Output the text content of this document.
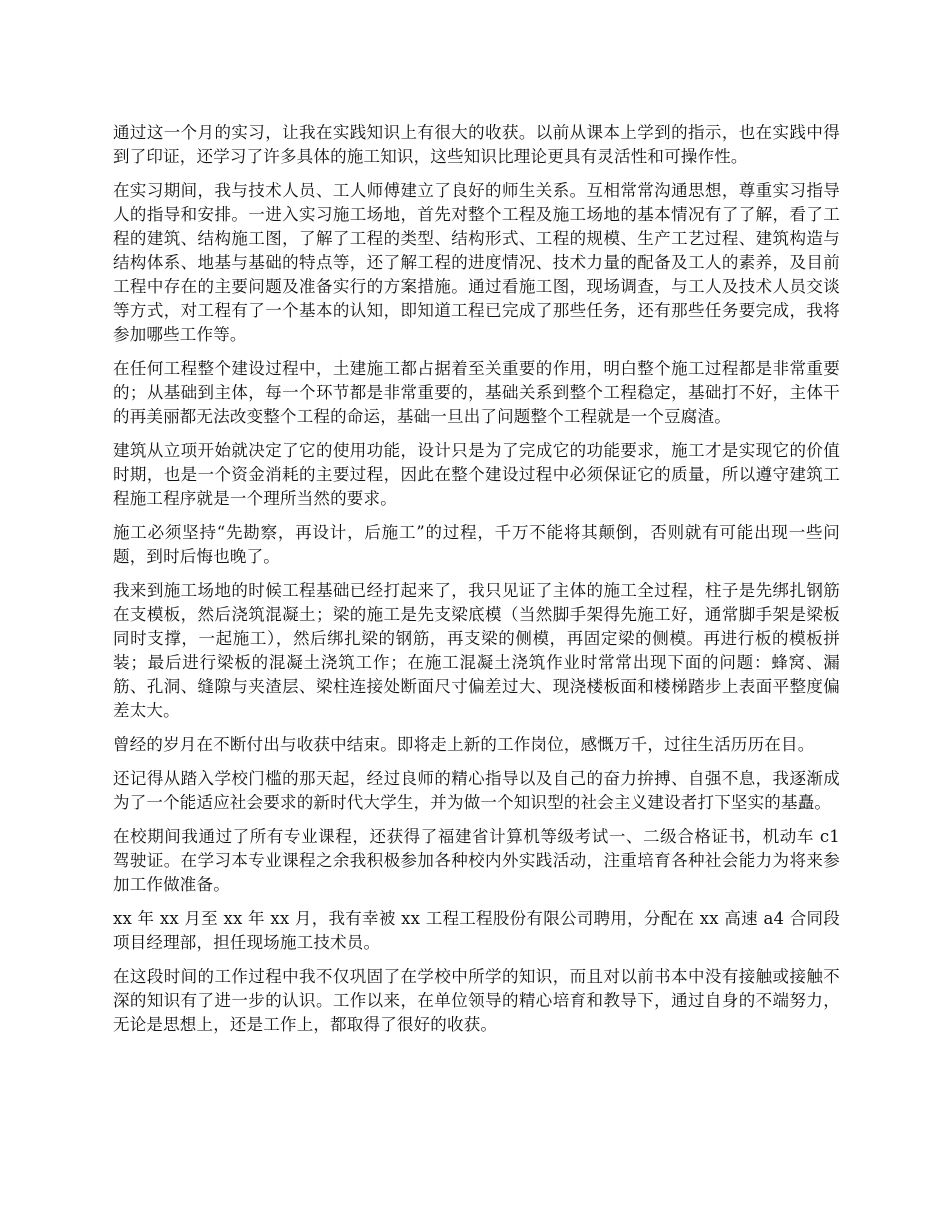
通过这一个月的实习，让我在实践知识上有很大的收获。以前从课本上学到的指示，也在实践中得到了印证，还学习了许多具体的施工知识，这些知识比理论更具有灵活性和可操作性。

在实习期间，我与技术人员、工人师傅建立了良好的师生关系。互相常常沟通思想，尊重实习指导人的指导和安排。一进入实习施工场地，首先对整个工程及施工场地的基本情况有了了解，看了工程的建筑、结构施工图，了解了工程的类型、结构形式、工程的规模、生产工艺过程、建筑构造与结构体系、地基与基础的特点等，还了解工程的进度情况、技术力量的配备及工人的素养，及目前工程中存在的主要问题及准备实行的方案措施。通过看施工图，现场调查，与工人及技术人员交谈等方式，对工程有了一个基本的认知，即知道工程已完成了那些任务，还有那些任务要完成，我将参加哪些工作等。

在任何工程整个建设过程中，土建施工都占据着至关重要的作用，明白整个施工过程都是非常重要的；从基础到主体，每一个环节都是非常重要的，基础关系到整个工程稳定，基础打不好，主体干的再美丽都无法改变整个工程的命运，基础一旦出了问题整个工程就是一个豆腐渣。

建筑从立项开始就决定了它的使用功能，设计只是为了完成它的功能要求，施工才是实现它的价值时期，也是一个资金消耗的主要过程，因此在整个建设过程中必须保证它的质量，所以遵守建筑工程施工程序就是一个理所当然的要求。

施工必须坚持“先勘察，再设计，后施工”的过程，千万不能将其颠倒，否则就有可能出现一些问题，到时后悔也晚了。

我来到施工场地的时候工程基础已经打起来了，我只见证了主体的施工全过程，柱子是先绑扎钢筋在支模板，然后浇筑混凝土；梁的施工是先支梁底模（当然脚手架得先施工好，通常脚手架是梁板同时支撑，一起施工），然后绑扎梁的钢筋，再支梁的侧模，再固定梁的侧模。再进行板的模板拼装；最后进行梁板的混凝土浇筑工作；在施工混凝土浇筑作业时常常出现下面的问题：蜂窝、漏筋、孔洞、缝隙与夹渣层、梁柱连接处断面尺寸偏差过大、现浇楼板面和楼梯踏步上表面平整度偏差太大。

曾经的岁月在不断付出与收获中结束。即将走上新的工作岗位，感慨万千，过往生活历历在目。

还记得从踏入学校门槛的那天起，经过良师的精心指导以及自己的奋力拚搏、自强不息，我逐渐成为了一个能适应社会要求的新时代大学生，并为做一个知识型的社会主义建设者打下坚实的基矗。

在校期间我通过了所有专业课程，还获得了福建省计算机等级考试一、二级合格证书，机动车 c1 驾驶证。在学习本专业课程之余我积极参加各种校内外实践活动，注重培育各种社会能力为将来参加工作做准备。

xx 年 xx 月至 xx 年 xx 月，我有幸被 xx 工程工程股份有限公司聘用，分配在 xx 高速 a4 合同段项目经理部，担任现场施工技术员。

在这段时间的工作过程中我不仅巩固了在学校中所学的知识，而且对以前书本中没有接触或接触不深的知识有了进一步的认识。工作以来，在单位领导的精心培育和教导下，通过自身的不端努力，无论是思想上，还是工作上，都取得了很好的收获。
